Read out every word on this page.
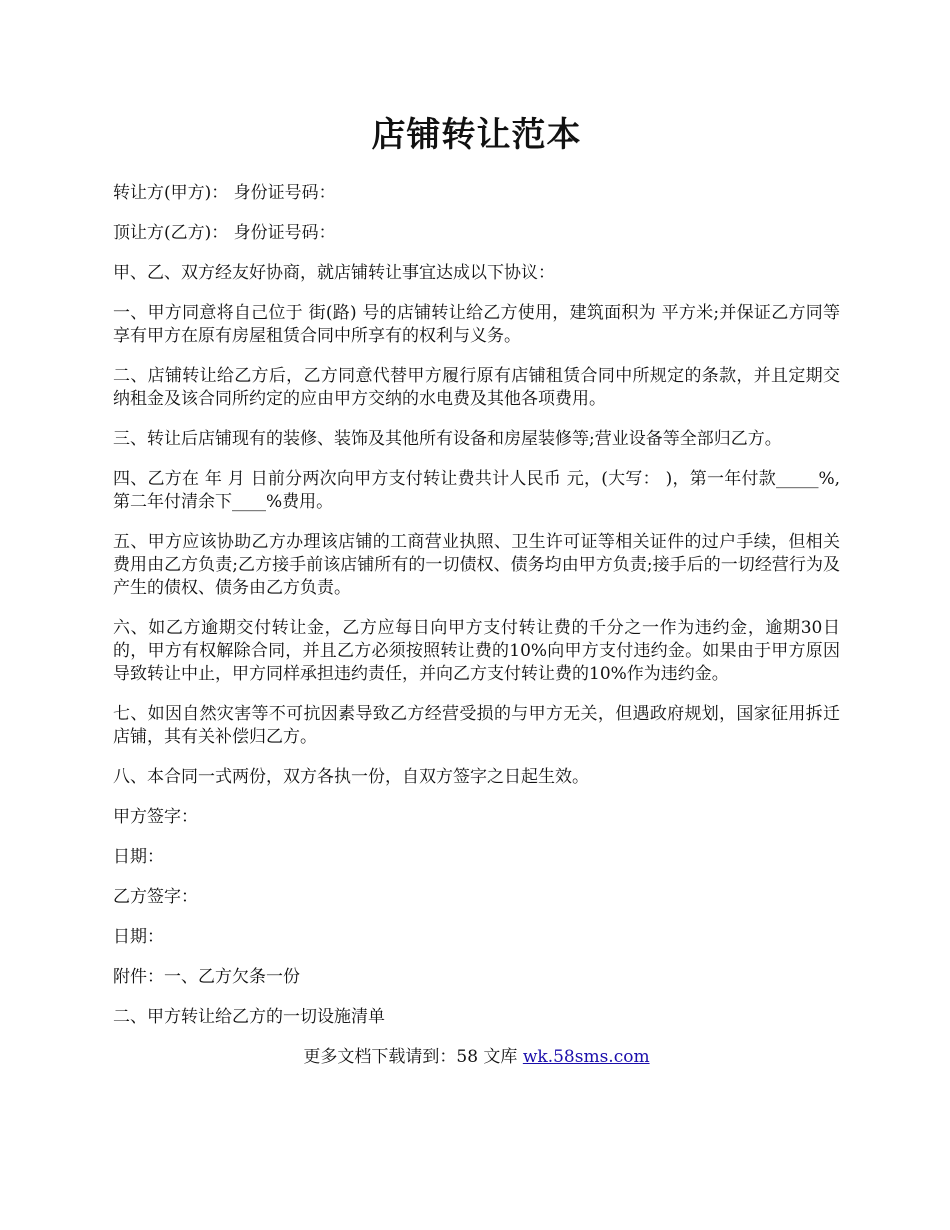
店铺转让范本

转让方(甲方)： 身份证号码：

顶让方(乙方)： 身份证号码：

甲、乙、双方经友好协商，就店铺转让事宜达成以下协议：

一、甲方同意将自己位于 街(路) 号的店铺转让给乙方使用，建筑面积为 平方米;并保证乙方同等享有甲方在原有房屋租赁合同中所享有的权利与义务。

二、店铺转让给乙方后，乙方同意代替甲方履行原有店铺租赁合同中所规定的条款，并且定期交纳租金及该合同所约定的应由甲方交纳的水电费及其他各项费用。

三、转让后店铺现有的装修、装饰及其他所有设备和房屋装修等;营业设备等全部归乙方。

四、乙方在 年 月 日前分两次向甲方支付转让费共计人民币 元，(大写： )，第一年付款_____%,第二年付清余下____%费用。

五、甲方应该协助乙方办理该店铺的工商营业执照、卫生许可证等相关证件的过户手续，但相关费用由乙方负责;乙方接手前该店铺所有的一切债权、债务均由甲方负责;接手后的一切经营行为及产生的债权、债务由乙方负责。

六、如乙方逾期交付转让金，乙方应每日向甲方支付转让费的千分之一作为违约金，逾期30日的，甲方有权解除合同，并且乙方必须按照转让费的10%向甲方支付违约金。如果由于甲方原因导致转让中止，甲方同样承担违约责任，并向乙方支付转让费的10%作为违约金。

七、如因自然灾害等不可抗因素导致乙方经营受损的与甲方无关，但遇政府规划，国家征用拆迁店铺，其有关补偿归乙方。

八、本合同一式两份，双方各执一份，自双方签字之日起生效。

甲方签字：

日期：

乙方签字：

日期：

附件：一、乙方欠条一份

二、甲方转让给乙方的一切设施清单

更多文档下载请到：58 文库 wk.58sms.com
